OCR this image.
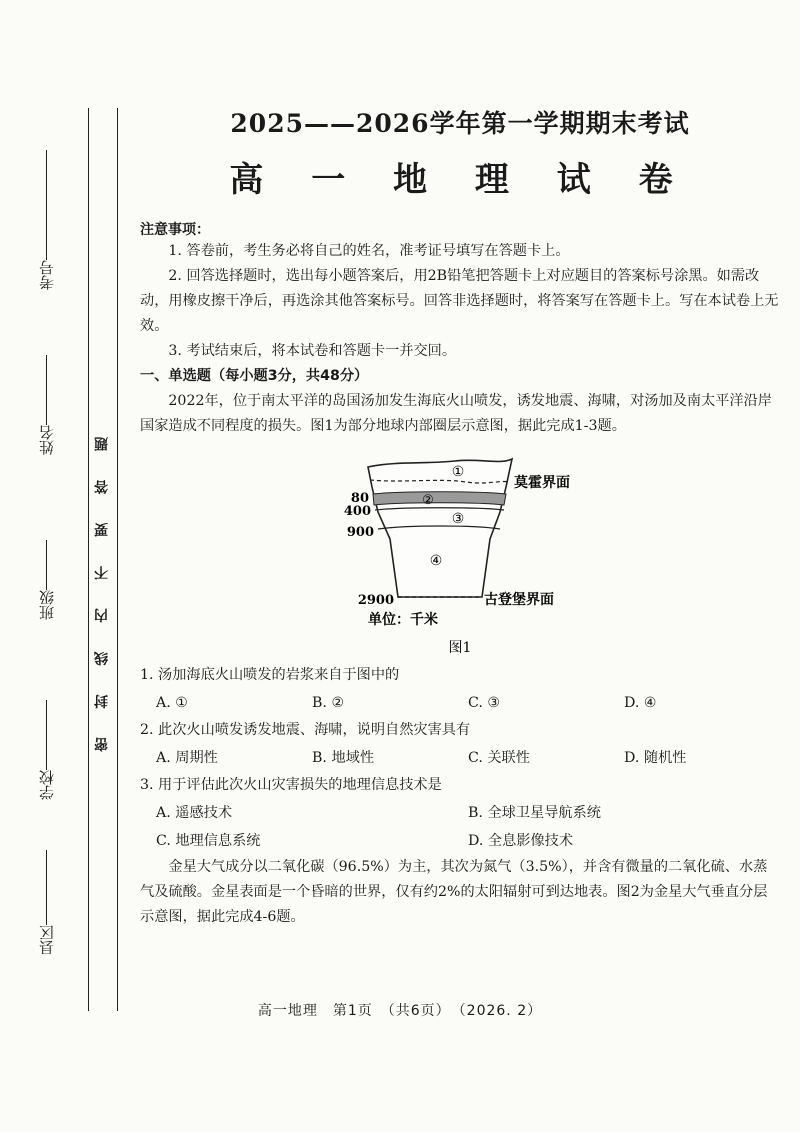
考号
姓名
班级
学校
县区
密 封 线 内 不 要 答 题
2025——2026学年第一学期期末考试
高 一 地 理 试 卷
注意事项：
1. 答卷前，考生务必将自己的姓名，准考证号填写在答题卡上。
2. 回答选择题时，选出每小题答案后，用2B铅笔把答题卡上对应题目的答案标号涂黑。如需改动，用橡皮擦干净后，再选涂其他答案标号。回答非选择题时，将答案写在答题卡上。写在本试卷上无效。
3. 考试结束后，将本试卷和答题卡一并交回。
一、单选题（每小题3分，共48分）
2022年，位于南太平洋的岛国汤加发生海底火山喷发，诱发地震、海啸，对汤加及南太平洋沿岸国家造成不同程度的损失。图1为部分地球内部圈层示意图，据此完成1-3题。
①
②
③
④
80
400
900
2900
莫霍界面
古登堡界面
单位：千米
图1
1. 汤加海底火山喷发的岩浆来自于图中的
A. ①	B. ②	C. ③	D. ④
2. 此次火山喷发诱发地震、海啸，说明自然灾害具有
A. 周期性	B. 地域性	C. 关联性	D. 随机性
3. 用于评估此次火山灾害损失的地理信息技术是
A. 遥感技术	B. 全球卫星导航系统
C. 地理信息系统	D. 全息影像技术
金星大气成分以二氧化碳（96.5%）为主，其次为氮气（3.5%），并含有微量的二氧化硫、水蒸气及硫酸。金星表面是一个昏暗的世界，仅有约2%的太阳辐射可到达地表。图2为金星大气垂直分层示意图，据此完成4-6题。
高一地理　第1页　（共6页）　（2026. 2）
